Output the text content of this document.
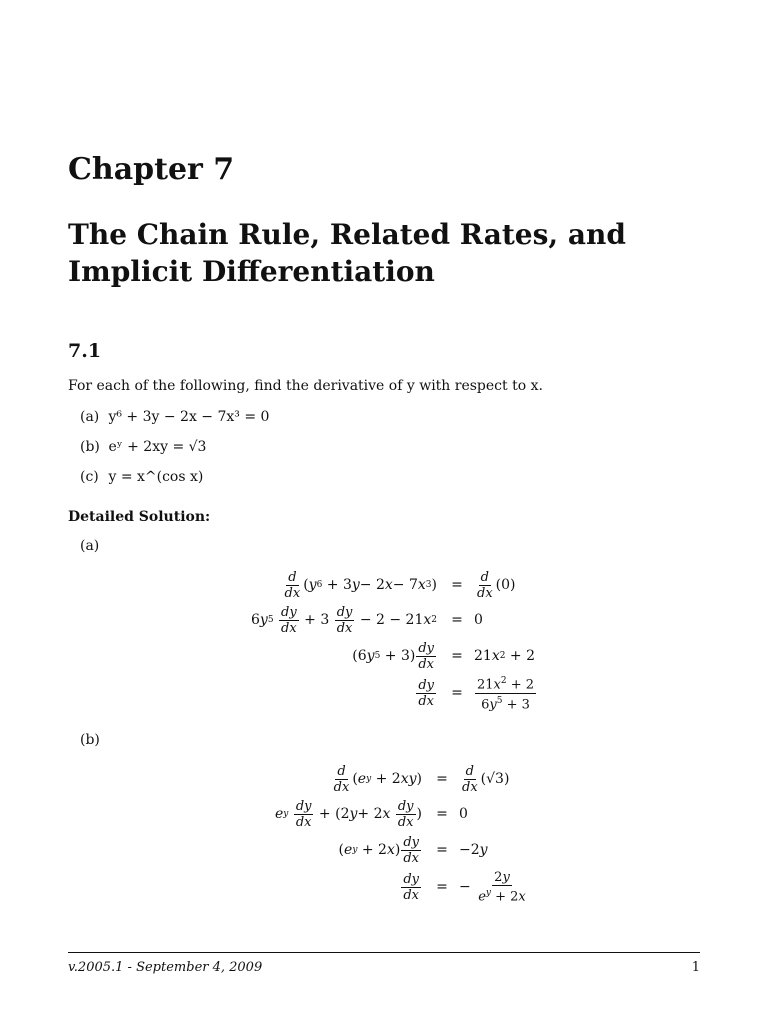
Chapter 7
The Chain Rule, Related Rates, and Implicit Differentiation
7.1
For each of the following, find the derivative of y with respect to x.
(a) y⁶ + 3y − 2x − 7x³ = 0
(b) eʸ + 2xy = √3
(c) y = x^(cos x)
Detailed Solution:
(a)
$\frac{d}{dx}$ ( y 6 + 3 y − 2 x − 7 x 3 ) = $\frac{d}{dx} (0)$
6 y 5
$\frac{dy}{dx} + 3 \frac{dy}{dx} - 2 - 21$ x 2 = 0
(6 y $5 + 3) \frac{dy}{dx} = 21$ x 2 + 2
$\frac{dy}{dx} = \frac{21x^2 + 2}{6y^5 + 3}$
(b)
$\frac{d}{dx}$ ( e y + 2 xy ) = $\frac{d}{dx} (√3)$
e y
$\frac{dy}{dx} + (2$ y + 2 x
$\frac{dy}{dx}$ ) = 0
( e y + 2 x ) $\frac{dy}{dx} = -2$ y
$\frac{dy}{dx}$ = − $\frac{2y}{e^y + 2x}$
v.2005.1 - September 4, 2009	1
